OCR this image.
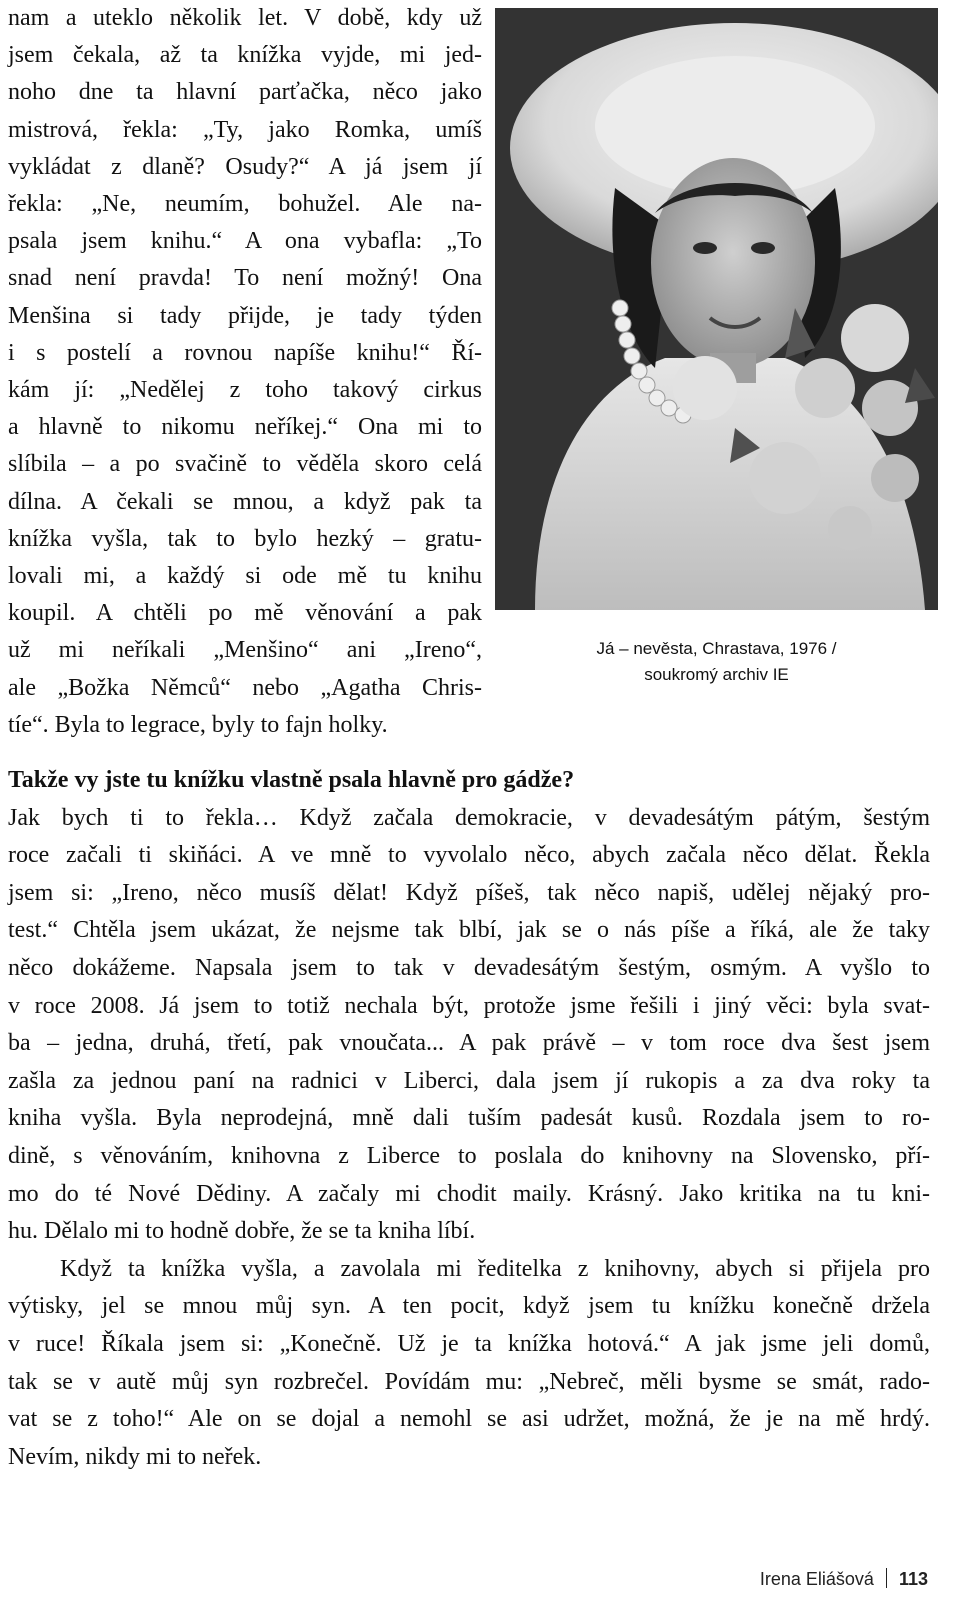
nam a uteklo několik let. V době, kdy už
jsem čekala, až ta knížka vyjde, mi jed-
noho dne ta hlavní parťačka, něco jako
mistrová, řekla: „Ty, jako Romka, umíš
vykládat z dlaně? Osudy?“ A já jsem jí
řekla: „Ne, neumím, bohužel. Ale na-
psala jsem knihu.“ A ona vybafla: „To
snad není pravda! To není možný! Ona
Menšina si tady přijde, je tady týden
i s postelí a rovnou napíše knihu!“ Ří-
kám jí: „Nedělej z toho takový cirkus
a hlavně to nikomu neříkej.“ Ona mi to
slíbila – a po svačině to věděla skoro celá
dílna. A čekali se mnou, a když pak ta
knížka vyšla, tak to bylo hezký – gratu-
lovali mi, a každý si ode mě tu knihu
koupil. A chtěli po mě věnování a pak
už mi neříkali „Menšino“ ani „Ireno“,
ale „Božka Němců“ nebo „Agatha Chris-
tíe“. Byla to legrace, byly to fajn holky.
Já – nevěsta, Chrastava, 1976 /
soukromý archiv IE
Takže vy jste tu knížku vlastně psala hlavně pro gádže?
Jak bych ti to řekla… Když začala demokracie, v devadesátým pátým, šestým
roce začali ti skiňáci. A ve mně to vyvolalo něco, abych začala něco dělat. Řekla
jsem si: „Ireno, něco musíš dělat! Když píšeš, tak něco napiš, udělej nějaký pro-
test.“ Chtěla jsem ukázat, že nejsme tak blbí, jak se o nás píše a říká, ale že taky
něco dokážeme. Napsala jsem to tak v devadesátým šestým, osmým. A vyšlo to
v roce 2008. Já jsem to totiž nechala být, protože jsme řešili i jiný věci: byla svat-
ba – jedna, druhá, třetí, pak vnoučata... A pak právě – v tom roce dva šest jsem
zašla za jednou paní na radnici v Liberci, dala jsem jí rukopis a za dva roky ta
kniha vyšla. Byla neprodejná, mně dali tuším padesát kusů. Rozdala jsem to ro-
dině, s věnováním, knihovna z Liberce to poslala do knihovny na Slovensko, pří-
mo do té Nové Dědiny. A začaly mi chodit maily. Krásný. Jako kritika na tu kni-
hu. Dělalo mi to hodně dobře, že se ta kniha líbí.
Když ta knížka vyšla, a zavolala mi ředitelka z knihovny, abych si přijela pro
výtisky, jel se mnou můj syn. A ten pocit, když jsem tu knížku konečně držela
v ruce! Říkala jsem si: „Konečně. Už je ta knížka hotová.“ A jak jsme jeli domů,
tak se v autě můj syn rozbrečel. Povídám mu: „Nebreč, měli bysme se smát, rado-
vat se z toho!“ Ale on se dojal a nemohl se asi udržet, možná, že je na mě hrdý.
Nevím, nikdy mi to neřek.
Irena Eliášová 113
